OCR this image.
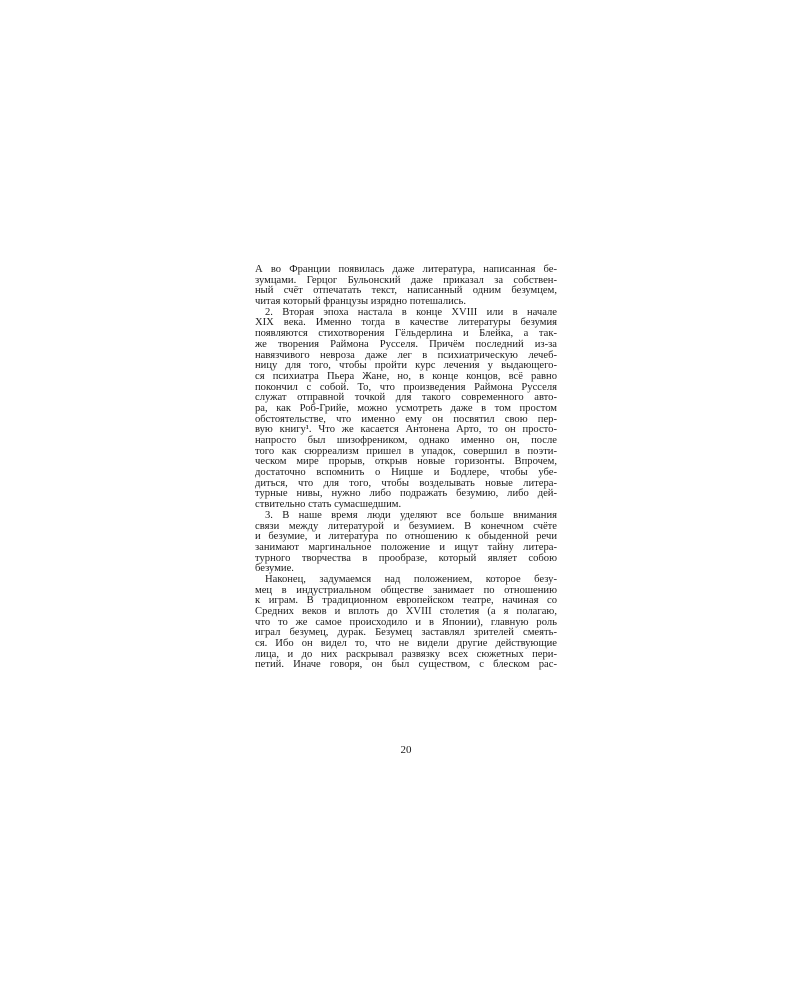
А во Франции появилась даже литература, написанная бе-
зумцами. Герцог Бульонский даже приказал за собствен-
ный счёт отпечатать текст, написанный одним безумцем,
читая который французы изрядно потешались.
2. Вторая эпоха настала в конце XVIII или в начале
XIX века. Именно тогда в качестве литературы безумия
появляются стихотворения Гёльдерлина и Блейка, а так-
же творения Раймона Русселя. Причём последний из-за
навязчивого невроза даже лег в психиатрическую лечеб-
ницу для того, чтобы пройти курс лечения у выдающего-
ся психиатра Пьера Жане, но, в конце концов, всё равно
покончил с собой. То, что произведения Раймона Русселя
служат отправной точкой для такого современного авто-
ра, как Роб-Грийе, можно усмотреть даже в том простом
обстоятельстве, что именно ему он посвятил свою пер-
вую книгу¹. Что же касается Антонена Арто, то он просто-
напросто был шизофреником, однако именно он, после
того как сюрреализм пришел в упадок, совершил в поэти-
ческом мире прорыв, открыв новые горизонты. Впрочем,
достаточно вспомнить о Ницше и Бодлере, чтобы убе-
диться, что для того, чтобы возделывать новые литера-
турные нивы, нужно либо подражать безумию, либо дей-
ствительно стать сумасшедшим.
3. В наше время люди уделяют все больше внимания
связи между литературой и безумием. В конечном счёте
и безумие, и литература по отношению к обыденной речи
занимают маргинальное положение и ищут тайну литера-
турного творчества в прообразе, который являет собою
безумие.
Наконец, задумаемся над положением, которое безу-
мец в индустриальном обществе занимает по отношению
к играм. В традиционном европейском театре, начиная со
Средних веков и вплоть до XVIII столетия (а я полагаю,
что то же самое происходило и в Японии), главную роль
играл безумец, дурак. Безумец заставлял зрителей смеять-
ся. Ибо он видел то, что не видели другие действующие
лица, и до них раскрывал развязку всех сюжетных пери-
петий. Иначе говоря, он был существом, с блеском рас-
20
